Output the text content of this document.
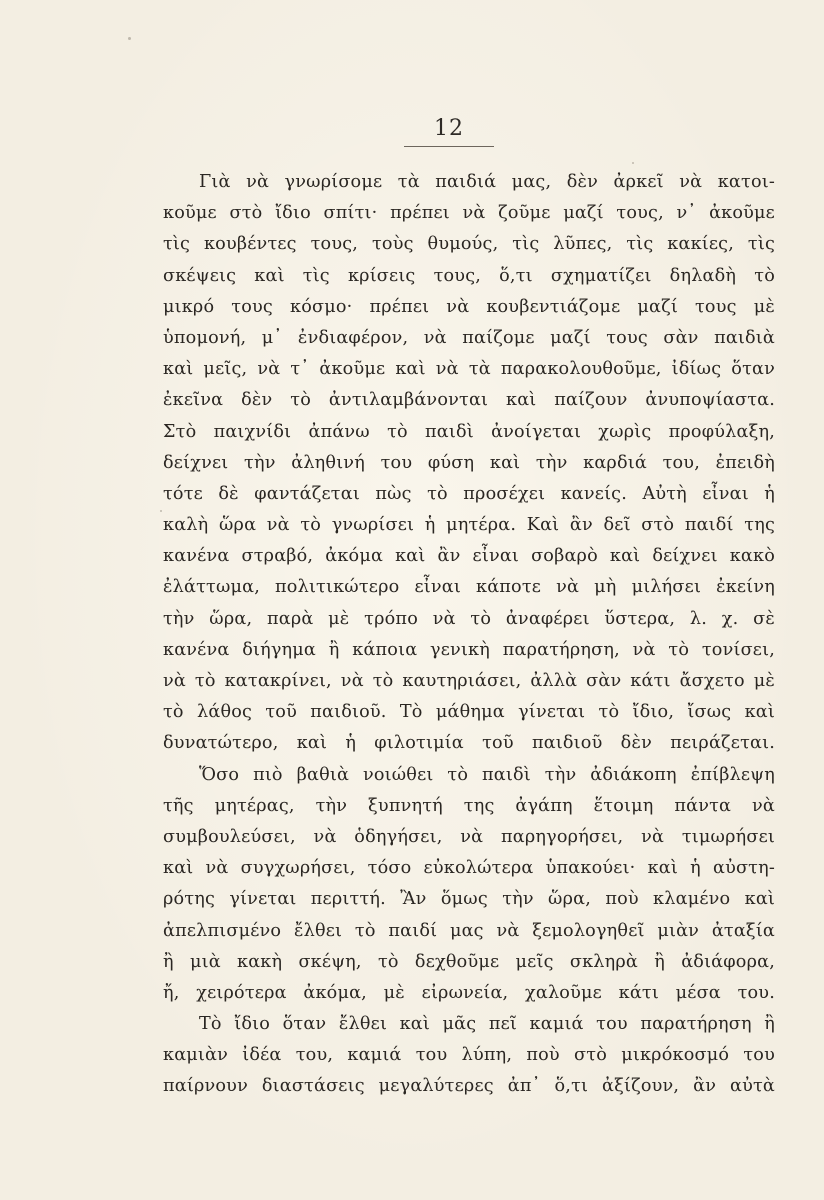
12
Γιὰ νὰ γνωρίσομε τὰ παιδιά μας, δὲν ἀρκεῖ νὰ κατοι-
κοῦμε στὸ ἴδιο σπίτι· πρέπει νὰ ζοῦμε μαζί τους, ν᾽ ἀκοῦμε
τὶς κουβέντες τους, τοὺς θυμούς, τὶς λῦπες, τὶς κακίες, τὶς
σκέψεις καὶ τὶς κρίσεις τους, ὅ,τι σχηματίζει δηλαδὴ τὸ
μικρό τους κόσμο· πρέπει νὰ κουβεντιάζομε μαζί τους μὲ
ὑπομονή, μ᾽ ἐνδιαφέρον, νὰ παίζομε μαζί τους σὰν παιδιὰ
καὶ μεῖς, νὰ τ᾽ ἀκοῦμε καὶ νὰ τὰ παρακολουθοῦμε, ἰδίως ὅταν
ἐκεῖνα δὲν τὸ ἀντιλαμβάνονται καὶ παίζουν ἀνυποψίαστα.
Στὸ παιχνίδι ἀπάνω τὸ παιδὶ ἀνοίγεται χωρὶς προφύλαξη,
δείχνει τὴν ἀληθινή του φύση καὶ τὴν καρδιά του, ἐπειδὴ
τότε δὲ φαντάζεται πὼς τὸ προσέχει κανείς. Αὐτὴ εἶναι ἡ
καλὴ ὥρα νὰ τὸ γνωρίσει ἡ μητέρα. Καὶ ἂν δεῖ στὸ παιδί της
κανένα στραβό, ἀκόμα καὶ ἂν εἶναι σοβαρὸ καὶ δείχνει κακὸ
ἐλάττωμα, πολιτικώτερο εἶναι κάποτε νὰ μὴ μιλήσει ἐκείνη
τὴν ὥρα, παρὰ μὲ τρόπο νὰ τὸ ἀναφέρει ὕστερα, λ. χ. σὲ
κανένα διήγημα ἢ κάποια γενικὴ παρατήρηση, νὰ τὸ τονίσει,
νὰ τὸ κατακρίνει, νὰ τὸ καυτηριάσει, ἀλλὰ σὰν κάτι ἄσχετο μὲ
τὸ λάθος τοῦ παιδιοῦ. Τὸ μάθημα γίνεται τὸ ἴδιο, ἴσως καὶ
δυνατώτερο, καὶ ἡ φιλοτιμία τοῦ παιδιοῦ δὲν πειράζεται.
Ὅσο πιὸ βαθιὰ νοιώθει τὸ παιδὶ τὴν ἀδιάκοπη ἐπίβλεψη
τῆς μητέρας, τὴν ξυπνητή της ἀγάπη ἕτοιμη πάντα νὰ
συμβουλεύσει, νὰ ὁδηγήσει, νὰ παρηγορήσει, νὰ τιμωρήσει
καὶ νὰ συγχωρήσει, τόσο εὐκολώτερα ὑπακούει· καὶ ἡ αὐστη-
ρότης γίνεται περιττή. Ἂν ὅμως τὴν ὥρα, ποὺ κλαμένο καὶ
ἀπελπισμένο ἔλθει τὸ παιδί μας νὰ ξεμολογηθεῖ μιὰν ἀταξία
ἢ μιὰ κακὴ σκέψη, τὸ δεχθοῦμε μεῖς σκληρὰ ἢ ἀδιάφορα,
ἤ, χειρότερα ἀκόμα, μὲ εἰρωνεία, χαλοῦμε κάτι μέσα του.
Τὸ ἴδιο ὅταν ἔλθει καὶ μᾶς πεῖ καμιά του παρατήρηση ἢ
καμιὰν ἰδέα του, καμιά του λύπη, ποὺ στὸ μικρόκοσμό του
παίρνουν διαστάσεις μεγαλύτερες ἀπ᾽ ὅ,τι ἀξίζουν, ἂν αὐτὰ
